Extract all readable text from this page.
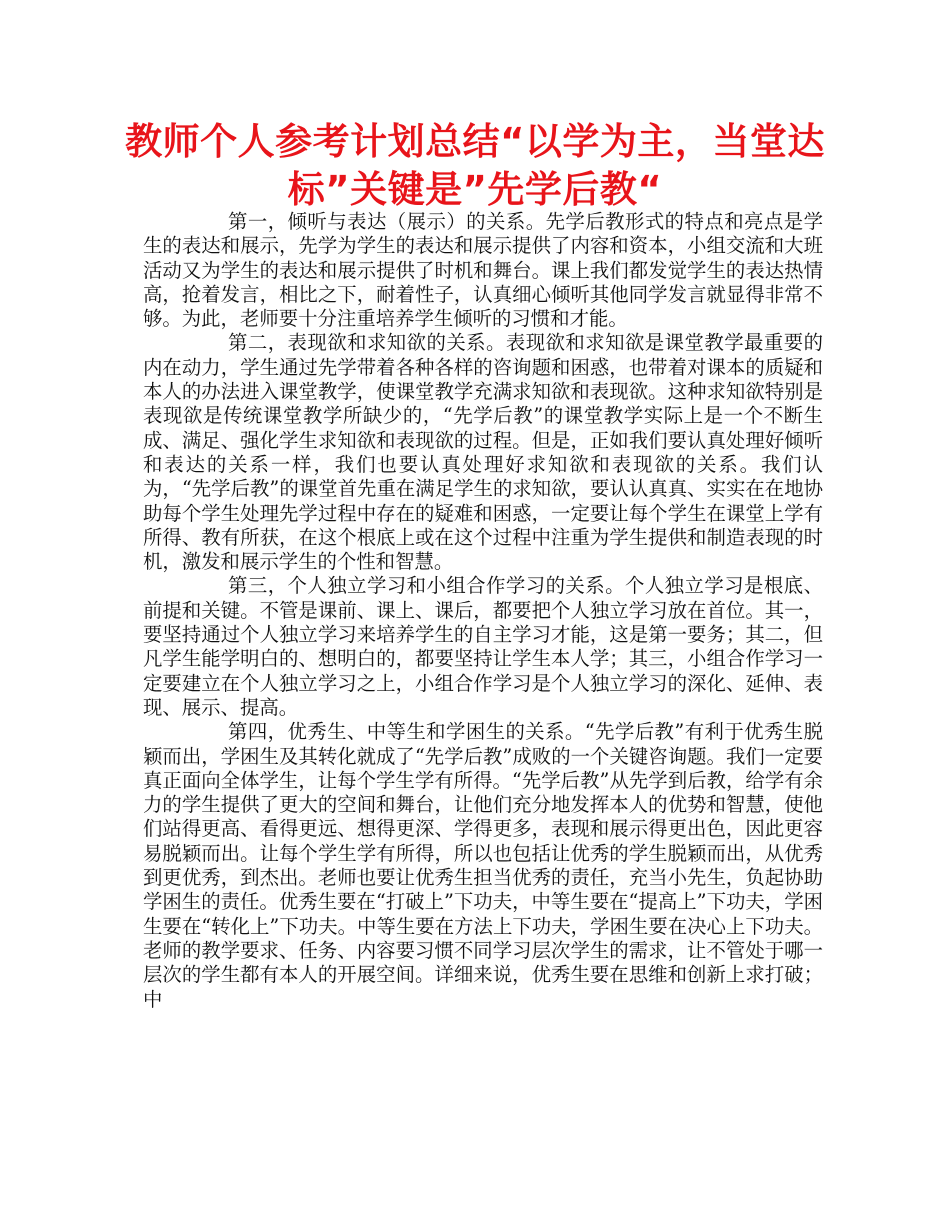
教师个人参考计划总结“以学为主，当堂达标”关键是”先学后教“

第一，倾听与表达（展示）的关系。先学后教形式的特点和亮点是学生的表达和展示，先学为学生的表达和展示提供了内容和资本，小组交流和大班活动又为学生的表达和展示提供了时机和舞台。课上我们都发觉学生的表达热情高，抢着发言，相比之下，耐着性子，认真细心倾听其他同学发言就显得非常不够。为此，老师要十分注重培养学生倾听的习惯和才能。

第二，表现欲和求知欲的关系。表现欲和求知欲是课堂教学最重要的内在动力，学生通过先学带着各种各样的咨询题和困惑，也带着对课本的质疑和本人的办法进入课堂教学，使课堂教学充满求知欲和表现欲。这种求知欲特别是表现欲是传统课堂教学所缺少的，“先学后教”的课堂教学实际上是一个不断生成、满足、强化学生求知欲和表现欲的过程。但是，正如我们要认真处理好倾听和表达的关系一样，我们也要认真处理好求知欲和表现欲的关系。我们认为，“先学后教”的课堂首先重在满足学生的求知欲，要认认真真、实实在在地协助每个学生处理先学过程中存在的疑难和困惑，一定要让每个学生在课堂上学有所得、教有所获，在这个根底上或在这个过程中注重为学生提供和制造表现的时机，激发和展示学生的个性和智慧。

第三，个人独立学习和小组合作学习的关系。个人独立学习是根底、前提和关键。不管是课前、课上、课后，都要把个人独立学习放在首位。其一，要坚持通过个人独立学习来培养学生的自主学习才能，这是第一要务；其二，但凡学生能学明白的、想明白的，都要坚持让学生本人学；其三，小组合作学习一定要建立在个人独立学习之上，小组合作学习是个人独立学习的深化、延伸、表现、展示、提高。

第四，优秀生、中等生和学困生的关系。“先学后教”有利于优秀生脱颖而出，学困生及其转化就成了“先学后教”成败的一个关键咨询题。我们一定要真正面向全体学生，让每个学生学有所得。“先学后教”从先学到后教，给学有余力的学生提供了更大的空间和舞台，让他们充分地发挥本人的优势和智慧，使他们站得更高、看得更远、想得更深、学得更多，表现和展示得更出色，因此更容易脱颖而出。让每个学生学有所得，所以也包括让优秀的学生脱颖而出，从优秀到更优秀，到杰出。老师也要让优秀生担当优秀的责任，充当小先生，负起协助学困生的责任。优秀生要在“打破上”下功夫，中等生要在“提高上”下功夫，学困生要在“转化上”下功夫。中等生要在方法上下功夫，学困生要在决心上下功夫。老师的教学要求、任务、内容要习惯不同学习层次学生的需求，让不管处于哪一层次的学生都有本人的开展空间。详细来说，优秀生要在思维和创新上求打破；中
